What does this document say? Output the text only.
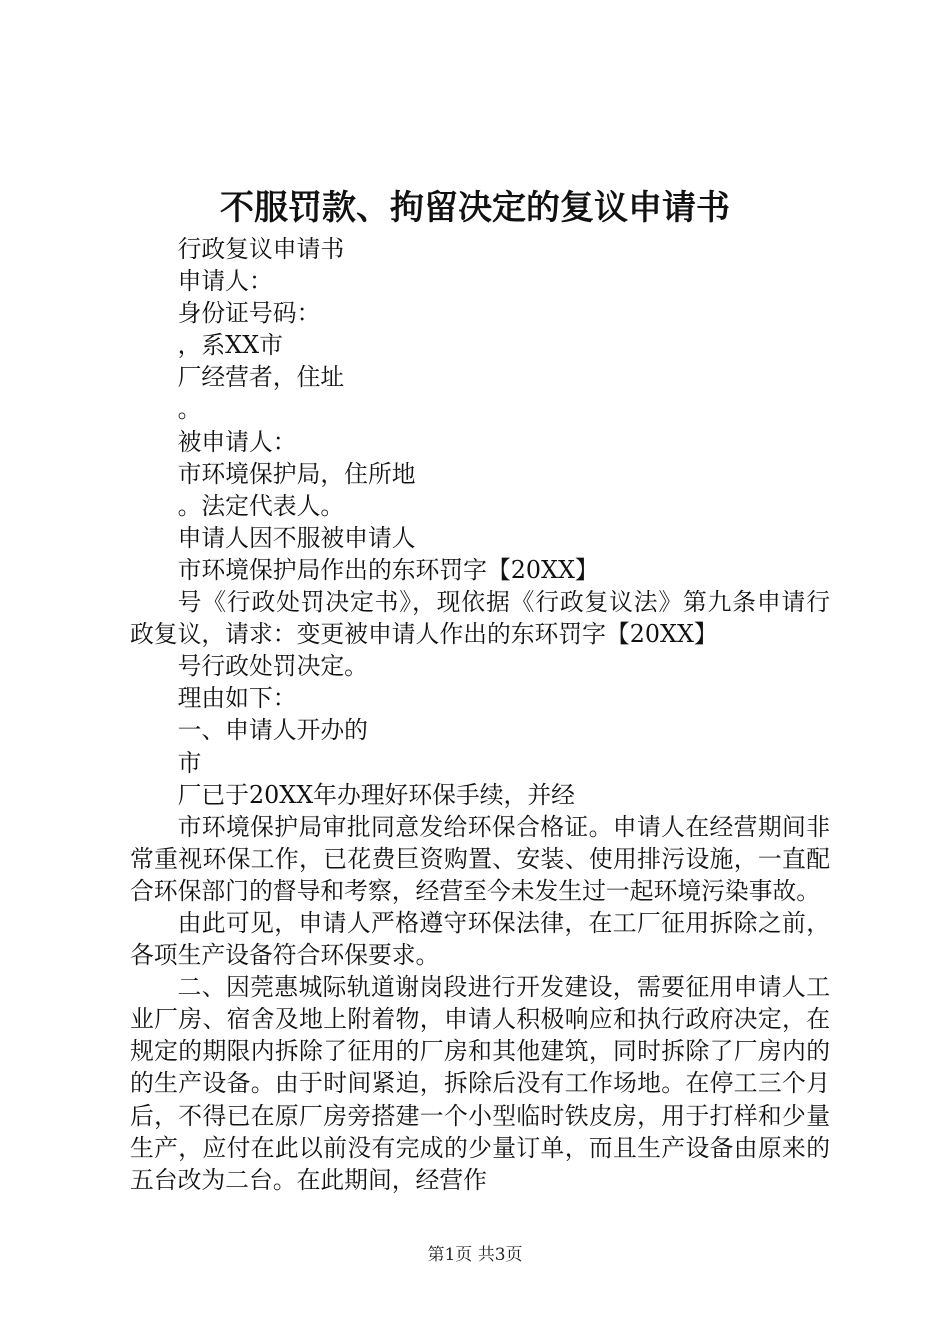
不服罚款、拘留决定的复议申请书

行政复议申请书

申请人：

身份证号码：

，系XX市

厂经营者，住址

。

被申请人：

市环境保护局，住所地

。法定代表人。

申请人因不服被申请人

市环境保护局作出的东环罚字【20XX】

号《行政处罚决定书》，现依据《行政复议法》第九条申请行政复议，请求：变更被申请人作出的东环罚字【20XX】

号行政处罚决定。

理由如下：

一、申请人开办的

市

厂已于20XX年办理好环保手续，并经

市环境保护局审批同意发给环保合格证。申请人在经营期间非常重视环保工作，已花费巨资购置、安装、使用排污设施，一直配合环保部门的督导和考察，经营至今未发生过一起环境污染事故。

由此可见，申请人严格遵守环保法律，在工厂征用拆除之前，各项生产设备符合环保要求。

二、因莞惠城际轨道谢岗段进行开发建设，需要征用申请人工业厂房、宿舍及地上附着物，申请人积极响应和执行政府决定，在规定的期限内拆除了征用的厂房和其他建筑，同时拆除了厂房内的的生产设备。由于时间紧迫，拆除后没有工作场地。在停工三个月后，不得已在原厂房旁搭建一个小型临时铁皮房，用于打样和少量生产，应付在此以前没有完成的少量订单，而且生产设备由原来的五台改为二台。在此期间，经营作

第1页 共3页
